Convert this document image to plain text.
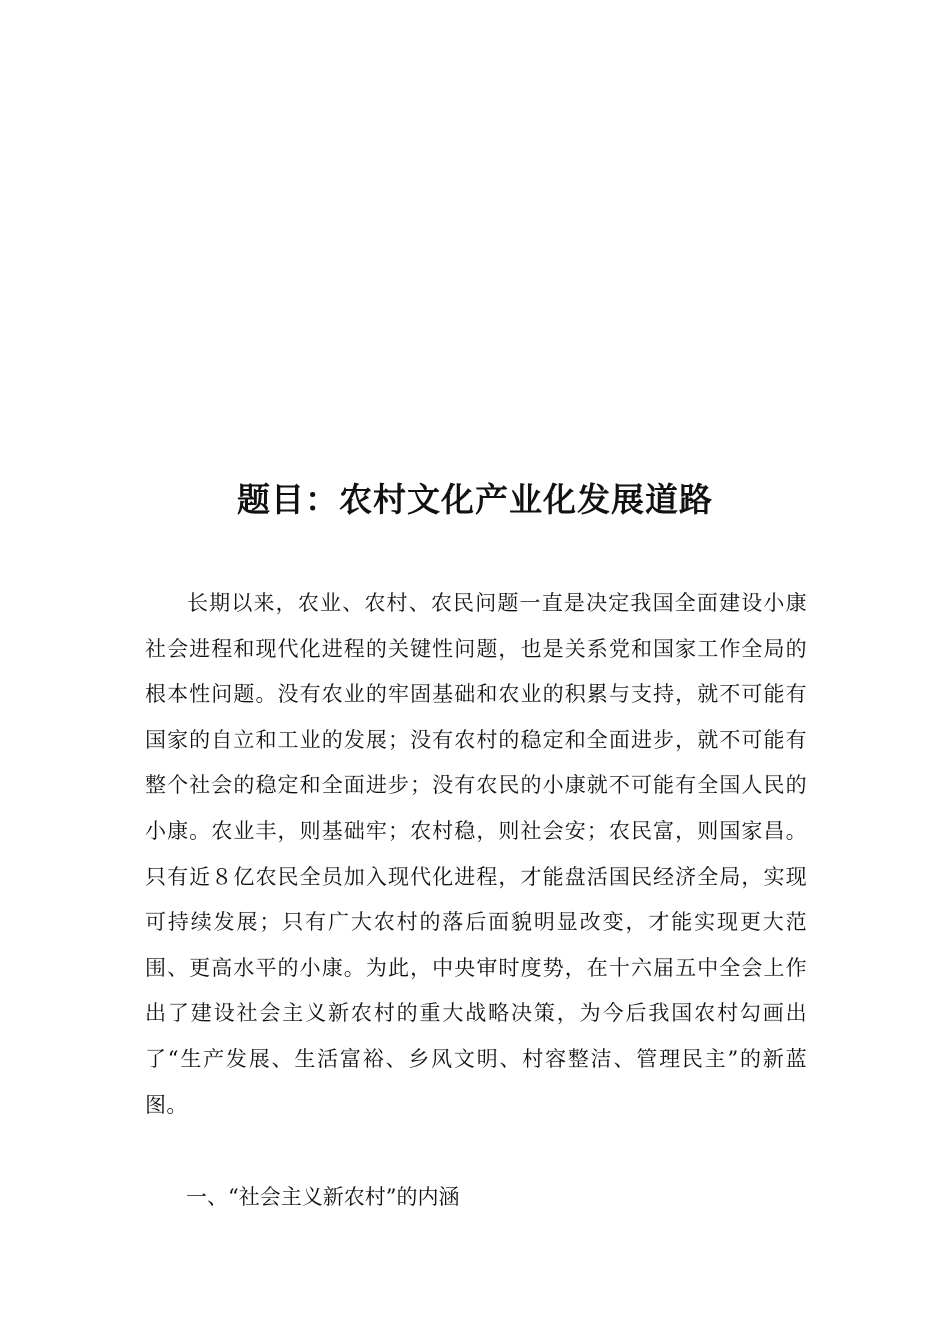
题目：农村文化产业化发展道路

长期以来，农业、农村、农民问题一直是决定我国全面建设小康社会进程和现代化进程的关键性问题，也是关系党和国家工作全局的根本性问题。没有农业的牢固基础和农业的积累与支持，就不可能有国家的自立和工业的发展；没有农村的稳定和全面进步，就不可能有整个社会的稳定和全面进步；没有农民的小康就不可能有全国人民的小康。农业丰，则基础牢；农村稳，则社会安；农民富，则国家昌。只有近８亿农民全员加入现代化进程，才能盘活国民经济全局，实现可持续发展；只有广大农村的落后面貌明显改变，才能实现更大范围、更高水平的小康。为此，中央审时度势，在十六届五中全会上作出了建设社会主义新农村的重大战略决策，为今后我国农村勾画出了“生产发展、生活富裕、乡风文明、村容整洁、管理民主”的新蓝图。

一、“社会主义新农村”的内涵
